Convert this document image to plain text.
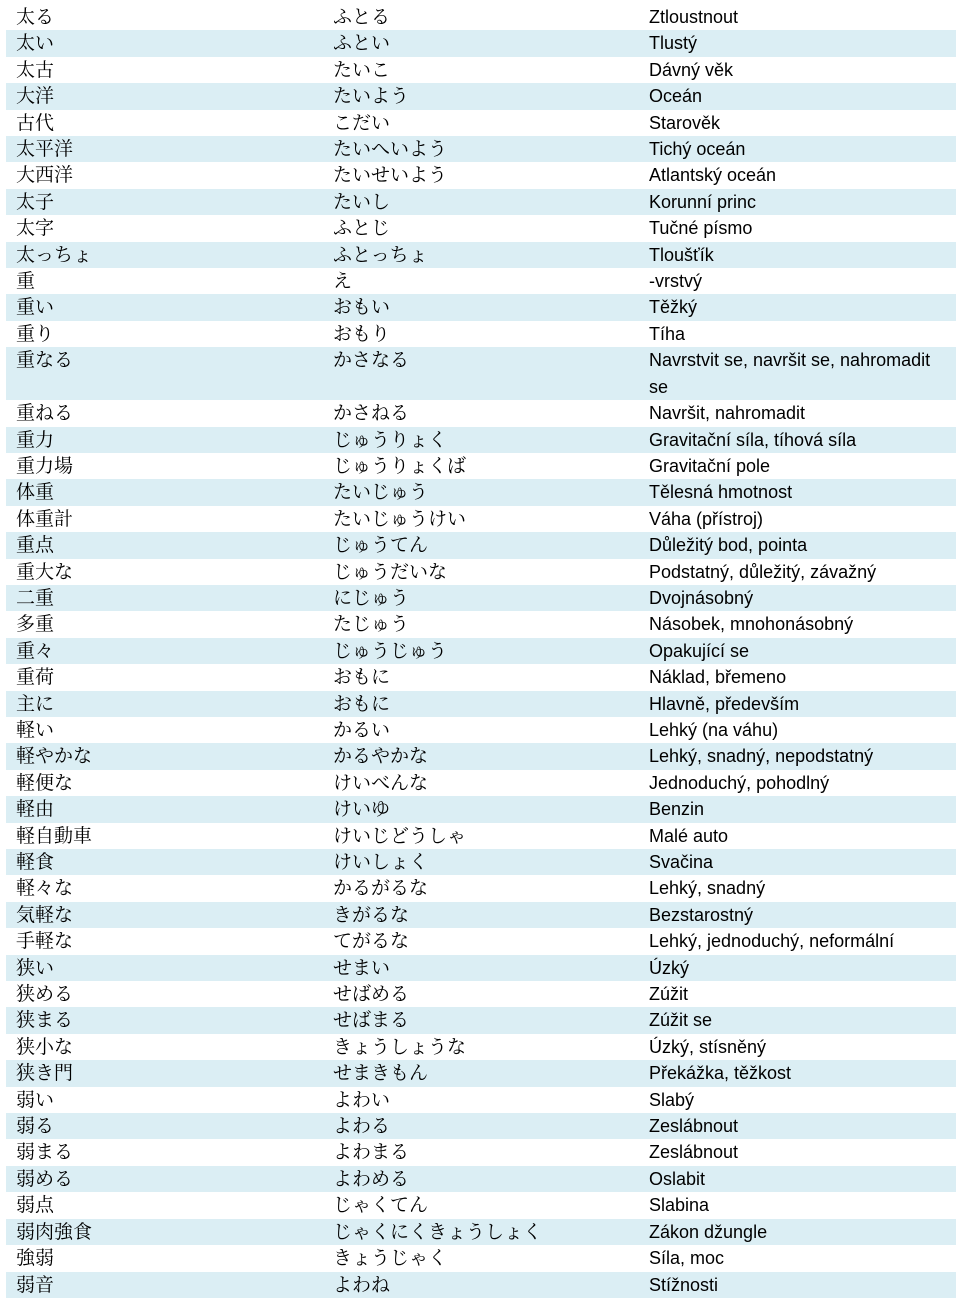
太る	ふとる	Ztloustnout
太い	ふとい	Tlustý
太古	たいこ	Dávný věk
大洋	たいよう	Oceán
古代	こだい	Starověk
太平洋	たいへいよう	Tichý oceán
大西洋	たいせいよう	Atlantský oceán
太子	たいし	Korunní princ
太字	ふとじ	Tučné písmo
太っちょ	ふとっちょ	Tloušťík
重	え	-vrstvý
重い	おもい	Těžký
重り	おもり	Tíha
重なる	かさなる	Navrstvit se, navršit se, nahromadit se
重ねる	かさねる	Navršit, nahromadit
重力	じゅうりょく	Gravitační síla, tíhová síla
重力場	じゅうりょくば	Gravitační pole
体重	たいじゅう	Tělesná hmotnost
体重計	たいじゅうけい	Váha (přístroj)
重点	じゅうてん	Důležitý bod, pointa
重大な	じゅうだいな	Podstatný, důležitý, závažný
二重	にじゅう	Dvojnásobný
多重	たじゅう	Násobek, mnohonásobný
重々	じゅうじゅう	Opakující se
重荷	おもに	Náklad, břemeno
主に	おもに	Hlavně, především
軽い	かるい	Lehký (na váhu)
軽やかな	かるやかな	Lehký, snadný, nepodstatný
軽便な	けいべんな	Jednoduchý, pohodlný
軽由	けいゆ	Benzin
軽自動車	けいじどうしゃ	Malé auto
軽食	けいしょく	Svačina
軽々な	かるがるな	Lehký, snadný
気軽な	きがるな	Bezstarostný
手軽な	てがるな	Lehký, jednoduchý, neformální
狭い	せまい	Úzký
狭める	せばめる	Zúžit
狭まる	せばまる	Zúžit se
狭小な	きょうしょうな	Úzký, stísněný
狭き門	せまきもん	Překážka, těžkost
弱い	よわい	Slabý
弱る	よわる	Zeslábnout
弱まる	よわまる	Zeslábnout
弱める	よわめる	Oslabit
弱点	じゃくてん	Slabina
弱肉強食	じゃくにくきょうしょく	Zákon džungle
強弱	きょうじゃく	Síla, moc
弱音	よわね	Stížnosti
